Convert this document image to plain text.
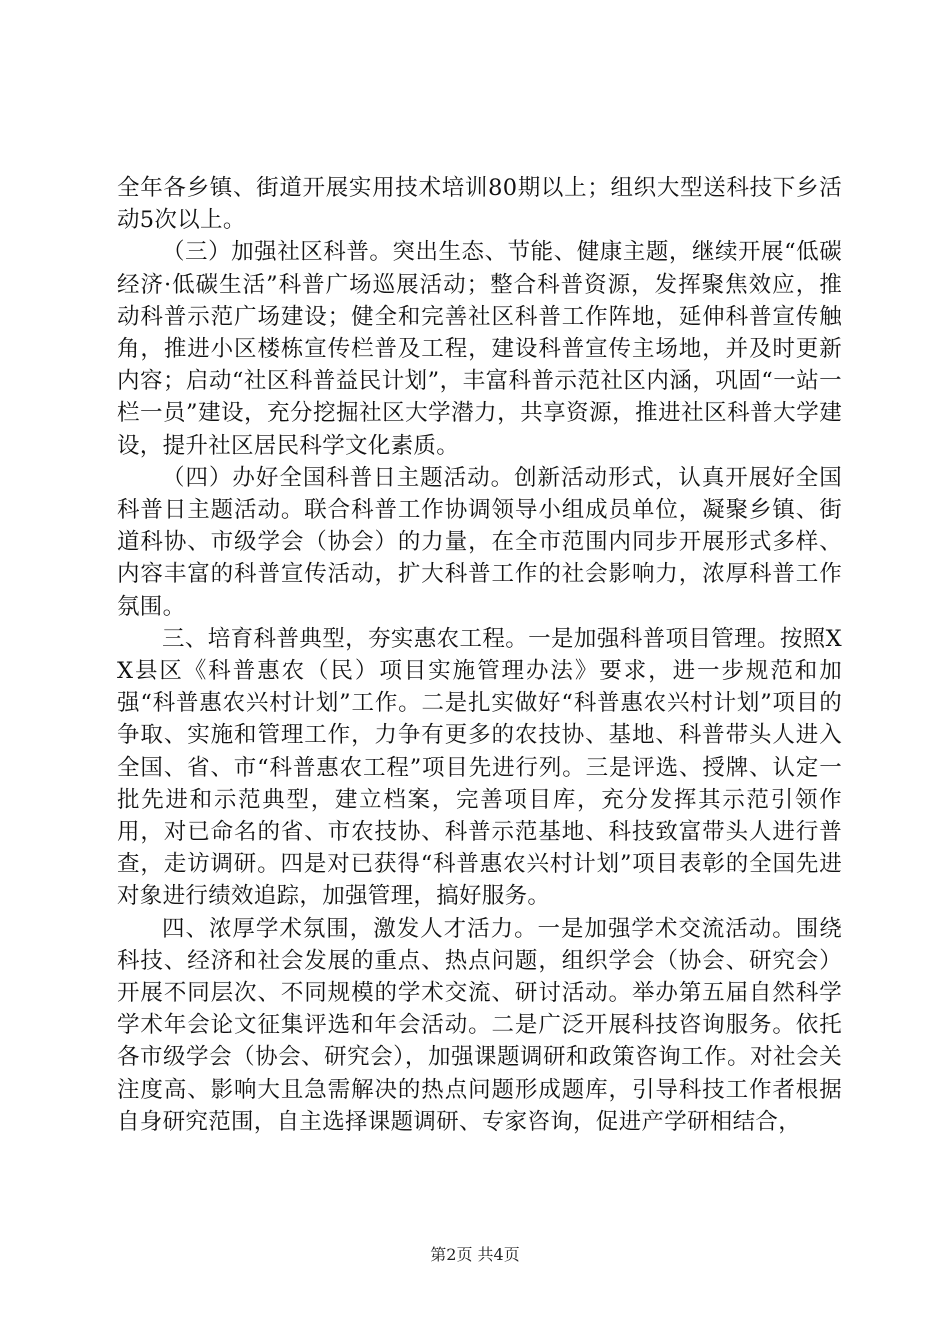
全年各乡镇、街道开展实用技术培训80期以上；组织大型送科技下乡活动5次以上。

（三）加强社区科普。突出生态、节能、健康主题，继续开展“低碳经济·低碳生活”科普广场巡展活动；整合科普资源，发挥聚焦效应，推动科普示范广场建设；健全和完善社区科普工作阵地，延伸科普宣传触角，推进小区楼栋宣传栏普及工程，建设科普宣传主场地，并及时更新内容；启动“社区科普益民计划”，丰富科普示范社区内涵，巩固“一站一栏一员”建设，充分挖掘社区大学潜力，共享资源，推进社区科普大学建设，提升社区居民科学文化素质。

（四）办好全国科普日主题活动。创新活动形式，认真开展好全国科普日主题活动。联合科普工作协调领导小组成员单位，凝聚乡镇、街道科协、市级学会（协会）的力量，在全市范围内同步开展形式多样、内容丰富的科普宣传活动，扩大科普工作的社会影响力，浓厚科普工作氛围。

三、培育科普典型，夯实惠农工程。一是加强科普项目管理。按照XX县区《科普惠农（民）项目实施管理办法》要求，进一步规范和加强“科普惠农兴村计划”工作。二是扎实做好“科普惠农兴村计划”项目的争取、实施和管理工作，力争有更多的农技协、基地、科普带头人进入全国、省、市“科普惠农工程”项目先进行列。三是评选、授牌、认定一批先进和示范典型，建立档案，完善项目库，充分发挥其示范引领作用，对已命名的省、市农技协、科普示范基地、科技致富带头人进行普查，走访调研。四是对已获得“科普惠农兴村计划”项目表彰的全国先进对象进行绩效追踪，加强管理，搞好服务。

四、浓厚学术氛围，激发人才活力。一是加强学术交流活动。围绕科技、经济和社会发展的重点、热点问题，组织学会（协会、研究会）开展不同层次、不同规模的学术交流、研讨活动。举办第五届自然科学学术年会论文征集评选和年会活动。二是广泛开展科技咨询服务。依托各市级学会（协会、研究会），加强课题调研和政策咨询工作。对社会关注度高、影响大且急需解决的热点问题形成题库，引导科技工作者根据自身研究范围，自主选择课题调研、专家咨询，促进产学研相结合，

第2页 共4页
